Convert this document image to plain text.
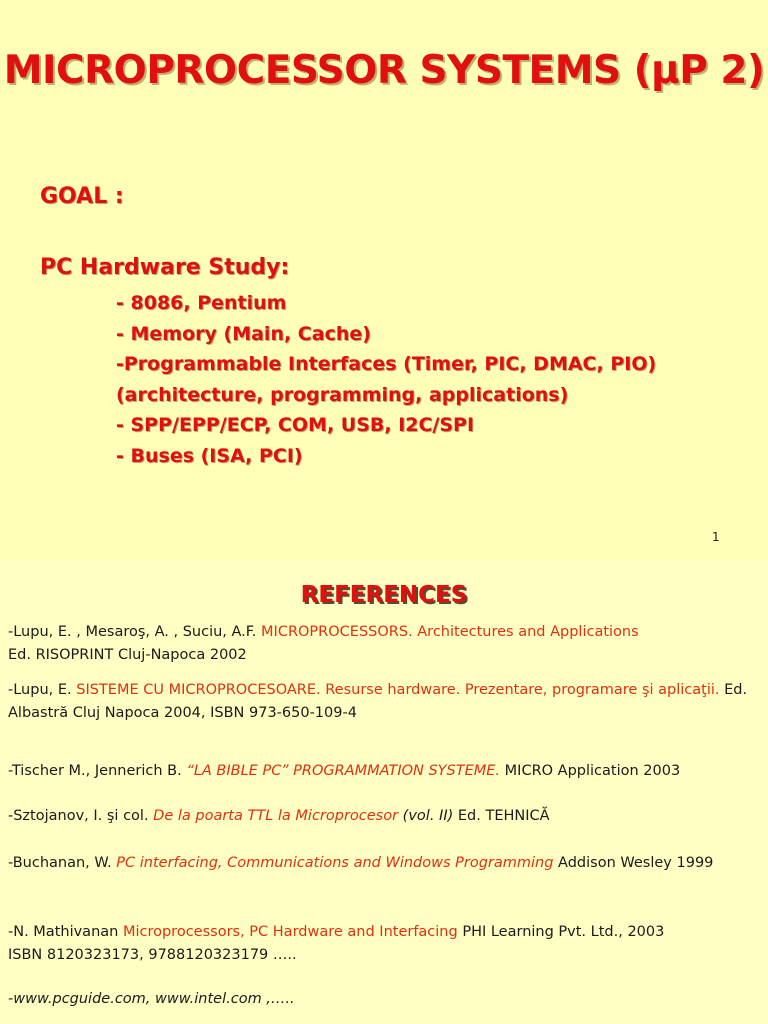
MICROPROCESSOR SYSTEMS (µP 2)
GOAL :
PC Hardware Study:
- 8086, Pentium
- Memory (Main, Cache)
-Programmable Interfaces (Timer, PIC, DMAC, PIO)
(architecture, programming, applications)
- SPP/EPP/ECP, COM, USB, I2C/SPI
- Buses (ISA, PCI)
1
REFERENCES
-Lupu, E. , Mesaroş, A. , Suciu, A.F. MICROPROCESSORS. Architectures and Applications
Ed. RISOPRINT Cluj-Napoca 2002
-Lupu, E. SISTEME CU MICROPROCESOARE. Resurse hardware. Prezentare, programare şi aplicaţii. Ed. Albastră Cluj Napoca 2004, ISBN 973-650-109-4
-Tischer M., Jennerich B. “LA BIBLE PC” PROGRAMMATION SYSTEME. MICRO Application 2003
-Sztojanov, I. şi col. De la poarta TTL la Microprocesor (vol. II) Ed. TEHNICĂ
-Buchanan, W. PC interfacing, Communications and Windows Programming Addison Wesley 1999
-N. Mathivanan Microprocessors, PC Hardware and Interfacing PHI Learning Pvt. Ltd., 2003
ISBN 8120323173, 9788120323179 …..
-www.pcguide.com, www.intel.com ,…..
